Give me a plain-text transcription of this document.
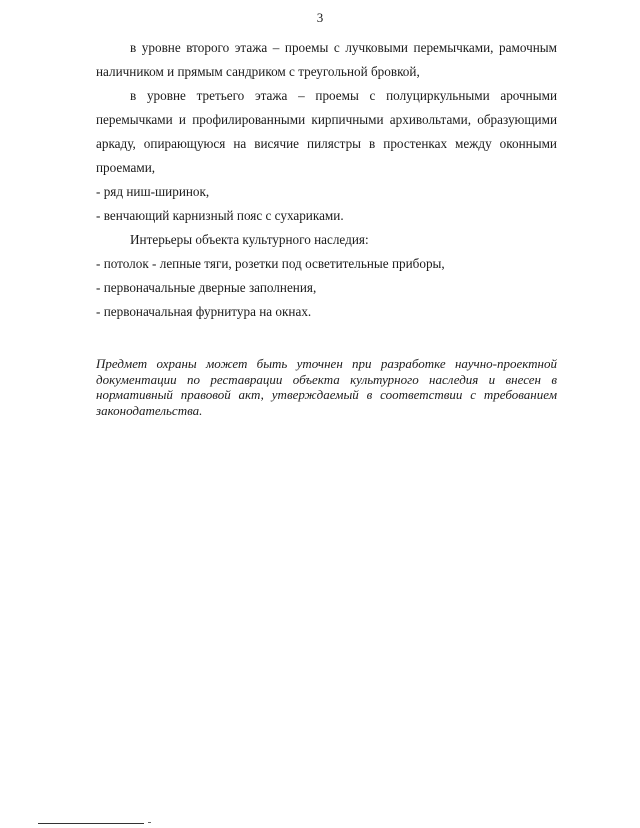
3

в уровне второго этажа – проемы с лучковыми перемычками, рамочным наличником и прямым сандриком с треугольной бровкой,

в уровне третьего этажа – проемы с полуциркульными арочными перемычками и профилированными кирпичными архивольтами, образующими аркаду, опирающуюся на висячие пилястры в простенках между оконными проемами,

- ряд ниш-ширинок,

- венчающий карнизный пояс с сухариками.

Интерьеры объекта культурного наследия:

- потолок - лепные тяги, розетки под осветительные приборы,

- первоначальные дверные заполнения,

- первоначальная фурнитура на окнах.

Предмет охраны может быть уточнен при разработке научно-проектной документации по реставрации объекта культурного наследия и внесен в нормативный правовой акт, утверждаемый в соответствии с требованием законодательства.
